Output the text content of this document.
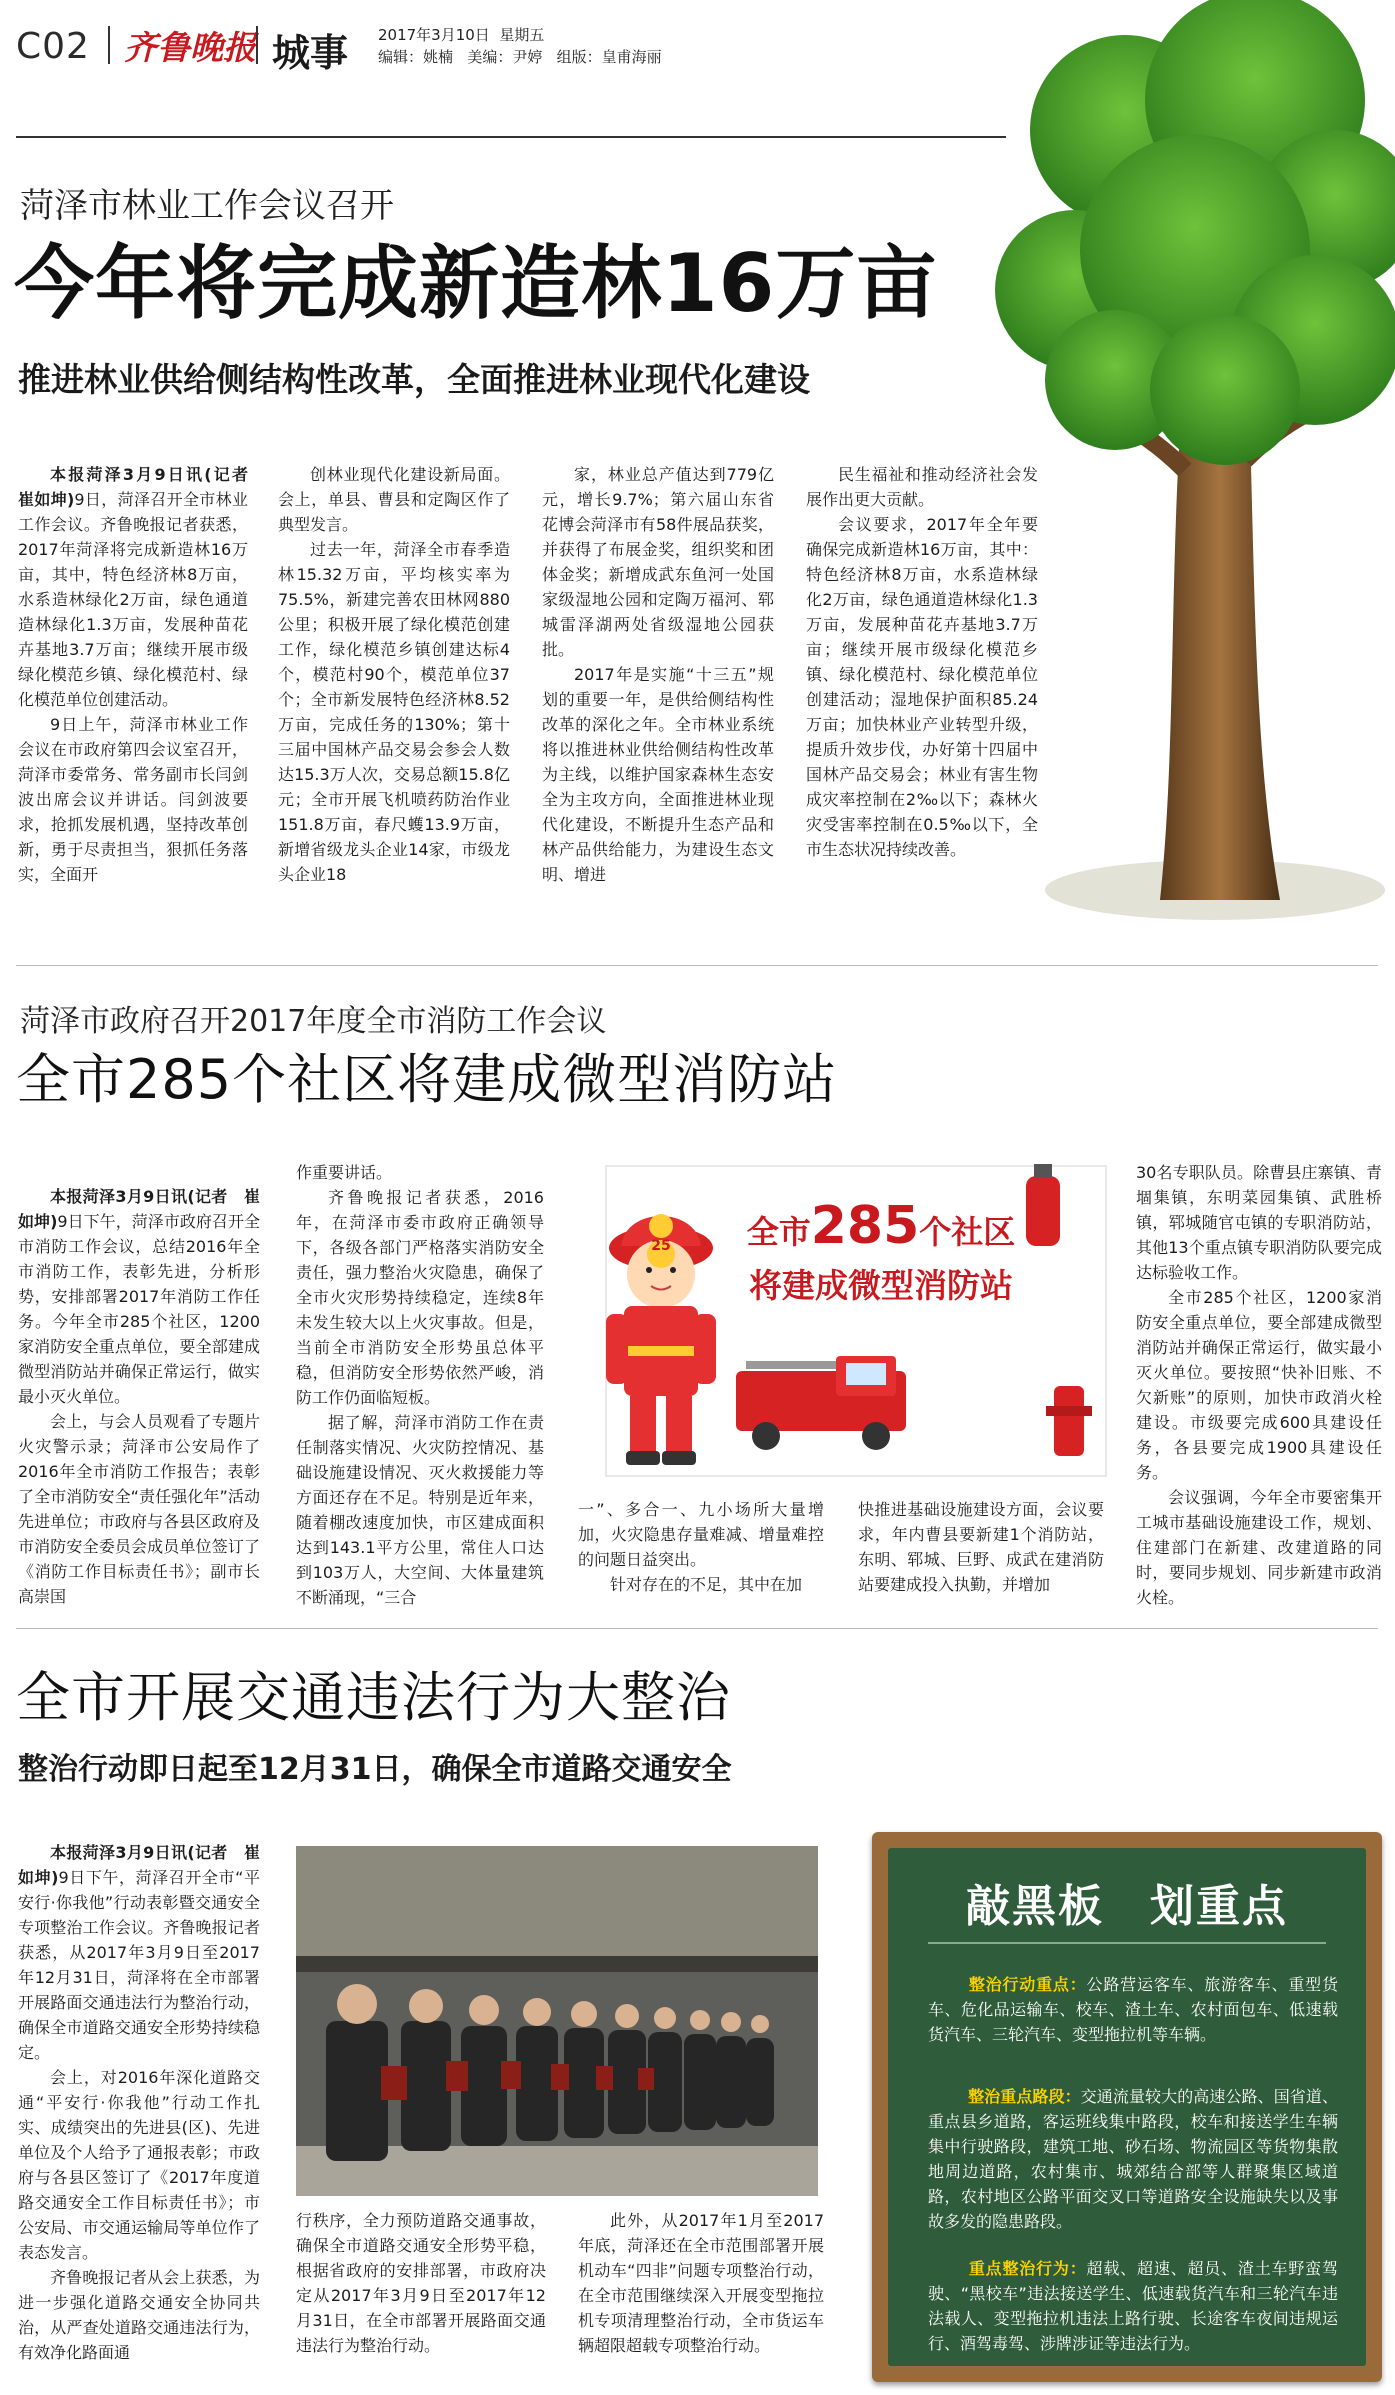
C02 齐鲁晚报 城事 2017年3月10日 星期五
编辑：姚楠 美编：尹婷 组版：皇甫海丽
菏泽市林业工作会议召开
今年将完成新造林16万亩
推进林业供给侧结构性改革，全面推进林业现代化建设

本报菏泽3月9日讯(记者　崔如坤)9日，菏泽召开全市林业工作会议。齐鲁晚报记者获悉，2017年菏泽将完成新造林16万亩，其中，特色经济林8万亩，水系造林绿化2万亩，绿色通道造林绿化1.3万亩，发展种苗花卉基地3.7万亩；继续开展市级绿化模范乡镇、绿化模范村、绿化模范单位创建活动。

9日上午，菏泽市林业工作会议在市政府第四会议室召开，菏泽市委常务、常务副市长闫剑波出席会议并讲话。闫剑波要求，抢抓发展机遇，坚持改革创新，勇于尽责担当，狠抓任务落实，全面开

创林业现代化建设新局面。会上，单县、曹县和定陶区作了典型发言。

过去一年，菏泽全市春季造林15.32万亩，平均核实率为75.5%，新建完善农田林网880公里；积极开展了绿化模范创建工作，绿化模范乡镇创建达标4个，模范村90个，模范单位37个；全市新发展特色经济林8.52万亩，完成任务的130%；第十三届中国林产品交易会参会人数达15.3万人次，交易总额15.8亿元；全市开展飞机喷药防治作业151.8万亩，春尺蠖13.9万亩，新增省级龙头企业14家，市级龙头企业18

家，林业总产值达到779亿元，增长9.7%；第六届山东省花博会菏泽市有58件展品获奖，并获得了布展金奖，组织奖和团体金奖；新增成武东鱼河一处国家级湿地公园和定陶万福河、郓城雷泽湖两处省级湿地公园获批。

2017年是实施“十三五”规划的重要一年，是供给侧结构性改革的深化之年。全市林业系统将以推进林业供给侧结构性改革为主线，以维护国家森林生态安全为主攻方向，全面推进林业现代化建设，不断提升生态产品和林产品供给能力，为建设生态文明、增进

民生福祉和推动经济社会发展作出更大贡献。

会议要求，2017年全年要确保完成新造林16万亩，其中：特色经济林8万亩，水系造林绿化2万亩，绿色通道造林绿化1.3万亩，发展种苗花卉基地3.7万亩；继续开展市级绿化模范乡镇、绿化模范村、绿化模范单位创建活动；湿地保护面积85.24万亩；加快林业产业转型升级，提质升效步伐，办好第十四届中国林产品交易会；林业有害生物成灾率控制在2‰以下；森林火灾受害率控制在0.5‰以下，全市生态状况持续改善。

菏泽市政府召开2017年度全市消防工作会议
全市285个社区将建成微型消防站

本报菏泽3月9日讯(记者　崔如坤)9日下午，菏泽市政府召开全市消防工作会议，总结2016年全市消防工作，表彰先进，分析形势，安排部署2017年消防工作任务。今年全市285个社区，1200家消防安全重点单位，要全部建成微型消防站并确保正常运行，做实最小灭火单位。

会上，与会人员观看了专题片火灾警示录；菏泽市公安局作了2016年全市消防工作报告；表彰了全市消防安全“责任强化年”活动先进单位；市政府与各县区政府及市消防安全委员会成员单位签订了《消防工作目标责任书》；副市长高崇国

作重要讲话。

齐鲁晚报记者获悉，2016年，在菏泽市委市政府正确领导下，各级各部门严格落实消防安全责任，强力整治火灾隐患，确保了全市火灾形势持续稳定，连续8年未发生较大以上火灾事故。但是，当前全市消防安全形势虽总体平稳，但消防安全形势依然严峻，消防工作仍面临短板。

据了解，菏泽市消防工作在责任制落实情况、火灾防控情况、基础设施建设情况、灭火救援能力等方面还存在不足。特别是近年来，随着棚改速度加快，市区建成面积达到143.1平方公里，常住人口达到103万人，大空间、大体量建筑不断涌现，“三合

25	全市285个社区
将建成微型消防站

一”、多合一、九小场所大量增加，火灾隐患存量难减、增量难控的问题日益突出。

针对存在的不足，其中在加

快推进基础设施建设方面，会议要求，年内曹县要新建1个消防站，东明、郓城、巨野、成武在建消防站要建成投入执勤，并增加

30名专职队员。除曹县庄寨镇、青堌集镇，东明菜园集镇、武胜桥镇，郓城随官屯镇的专职消防站，其他13个重点镇专职消防队要完成达标验收工作。

全市285个社区，1200家消防安全重点单位，要全部建成微型消防站并确保正常运行，做实最小灭火单位。要按照“快补旧账、不欠新账”的原则，加快市政消火栓建设。市级要完成600具建设任务，各县要完成1900具建设任务。

会议强调，今年全市要密集开工城市基础设施建设工作，规划、住建部门在新建、改建道路的同时，要同步规划、同步新建市政消火栓。

全市开展交通违法行为大整治
整治行动即日起至12月31日，确保全市道路交通安全

本报菏泽3月9日讯(记者　崔如坤)9日下午，菏泽召开全市“平安行·你我他”行动表彰暨交通安全专项整治工作会议。齐鲁晚报记者获悉，从2017年3月9日至2017年12月31日，菏泽将在全市部署开展路面交通违法行为整治行动，确保全市道路交通安全形势持续稳定。

会上，对2016年深化道路交通“平安行·你我他”行动工作扎实、成绩突出的先进县(区)、先进单位及个人给予了通报表彰；市政府与各县区签订了《2017年度道路交通安全工作目标责任书》；市公安局、市交通运输局等单位作了表态发言。

齐鲁晚报记者从会上获悉，为进一步强化道路交通安全协同共治，从严查处道路交通违法行为，有效净化路面通

行秩序，全力预防道路交通事故，确保全市道路交通安全形势平稳，根据省政府的安排部署，市政府决定从2017年3月9日至2017年12月31日，在全市部署开展路面交通违法行为整治行动。

此外，从2017年1月至2017年底，菏泽还在全市范围部署开展机动车“四非”问题专项整治行动，在全市范围继续深入开展变型拖拉机专项清理整治行动，全市货运车辆超限超载专项整治行动。

敲黑板　划重点
整治行动重点：公路营运客车、旅游客车、重型货车、危化品运输车、校车、渣土车、农村面包车、低速载货汽车、三轮汽车、变型拖拉机等车辆。
整治重点路段：交通流量较大的高速公路、国省道、重点县乡道路，客运班线集中路段，校车和接送学生车辆集中行驶路段，建筑工地、砂石场、物流园区等货物集散地周边道路，农村集市、城郊结合部等人群聚集区域道路，农村地区公路平面交叉口等道路安全设施缺失以及事故多发的隐患路段。
重点整治行为：超载、超速、超员、渣土车野蛮驾驶、“黑校车”违法接送学生、低速载货汽车和三轮汽车违法载人、变型拖拉机违法上路行驶、长途客车夜间违规运行、酒驾毒驾、涉牌涉证等违法行为。
